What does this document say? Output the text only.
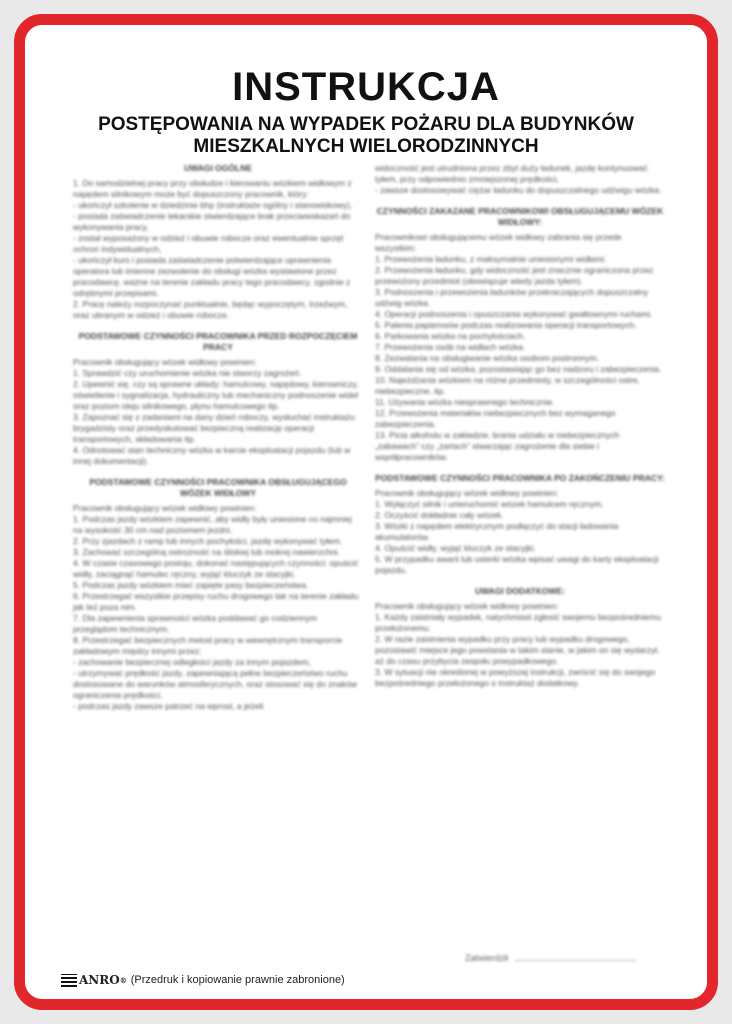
INSTRUKCJA
POSTĘPOWANIA NA WYPADEK POŻARU DLA BUDYNKÓW
MIESZKALNYCH WIELORODZINNYCH
UWAGI OGÓLNE
1. Do samodzielnej pracy przy obsłudze i kierowaniu wózkiem widłowym z napędem silnikowym może być dopuszczony pracownik, który:
- ukończył szkolenie w dziedzinie bhp (instruktaże ogólny i stanowiskowy),
- posiada zaświadczenie lekarskie stwierdzające brak przeciwwskazań do wykonywania pracy,
- został wyposażony w odzież i obuwie robocze oraz ewentualnie sprzęt ochron indywidualnych,
- ukończył kurs i posiada zaświadczenie potwierdzające uprawnienia operatora lub imienne zezwolenie do obsługi wózka wystawione przez pracodawcę, ważne na terenie zakładu pracy tego pracodawcy, zgodnie z odrębnymi przepisami.
2. Pracę należy rozpoczynać punktualnie, będąc wypoczętym, trzeźwym, oraz ubranym w odzież i obuwie robocze.
PODSTAWOWE CZYNNOŚCI PRACOWNIKA PRZED ROZPOCZĘCIEM PRACY
Pracownik obsługujący wózek widłowy powinien:
1. Sprawdzić czy uruchomienie wózka nie stworzy zagrożeń.
2. Upewnić się, czy są sprawne układy: hamulcowy, napędowy, kierowniczy, oświetlenie i sygnalizacja, hydrauliczny lub mechaniczny podnoszenie wideł oraz poziom oleju silnikowego, płynu hamulcowego itp.
3. Zapoznać się z zadaniami na dany dzień roboczy, wysłuchać instruktażu brygadzisty oraz przedyskutować bezpieczną realizację operacji transportowych, składowania itp.
4. Odnotować stan techniczny wózka w karcie eksploatacji pojazdu (lub w innej dokumentacji).
PODSTAWOWE CZYNNOŚCI PRACOWNIKA OBSŁUGUJĄCEGO WÓZEK WIDŁOWY
Pracownik obsługujący wózek widłowy powinien:
1. Podczas jazdy wózkiem zapewnić, aby widły były uniesione co najmniej na wysokość 30 cm nad poziomem jezdni.
2. Przy zjazdach z ramp lub innych pochyłości, jazdę wykonywać tyłem.
3. Zachować szczególną ostrożność na śliskiej lub mokrej nawierzchni.
4. W czasie czasowego postoju, dokonać następujących czynności: opuścić widły, zaciągnąć hamulec ręczny, wyjąć kluczyk ze stacyjki.
5. Podczas jazdy wózkiem mieć zapięte pasy bezpieczeństwa.
6. Przestrzegać wszystkie przepisy ruchu drogowego tak na terenie zakładu jak też poza nim.
7. Dla zapewnienia sprawności wózka poddawać go codziennym przeglądom technicznym.
8. Przestrzegać bezpiecznych metod pracy w wewnętrznym transporcie zakładowym między innymi przez:
- zachowanie bezpiecznej odległości jazdy za innym pojazdem,
- utrzymywać prędkość jazdy, zapewniającą pełne bezpieczeństwo ruchu dostosowane do warunków atmosferycznych, oraz stosować się do znaków ograniczenia prędkości,
- podczas jazdy zawsze patrzeć na wprost, a jeżeli
widoczność jest utrudniona przez zbyt duży ładunek, jazdę kontynuować tyłem, przy odpowiednio zmniejszonej prędkości,
- zawsze dostosowywać ciężar ładunku do dopuszczalnego udźwigu wózka.
CZYNNOŚCI ZAKAZANE PRACOWNIKOWI OBSŁUGUJĄCEMU WÓZEK WIDŁOWY:
Pracownikowi obsługującemu wózek widłowy zabrania się przede wszystkim:
1. Przewożenia ładunku, z maksymalnie uniesionymi widłami.
2. Przewożenia ładunku, gdy widoczność jest znacznie ograniczona przez przewożony przedmiot (obowiązuje wtedy jazda tyłem).
3. Podnoszenia i przewożenia ładunków przekraczających dopuszczalny udźwig wózka.
4. Operacji podnoszenia i opuszczania wykonywać gwałtownymi ruchami.
5. Palenia papierosów podczas realizowania operacji transportowych.
6. Parkowania wózka na pochyłościach.
7. Przewożenia osób na widłach wózka.
8. Zezwalania na obsługiwanie wózka osobom postronnym.
9. Oddalania się od wózka, pozostawiając go bez nadzoru i zabezpieczenia.
10. Najeżdżania wózkiem na różne przedmioty, w szczególności ostre, niebezpieczne, itp.
11. Używania wózka niesprawnego technicznie.
12. Przewożenia materiałów niebezpiecznych bez wymaganego zabezpieczenia.
13. Picia alkoholu w zakładzie, brania udziału w niebezpiecznych „zabawach” czy „żartach” stwarzając zagrożenie dla siebie i współpracowników.
PODSTAWOWE CZYNNOŚCI PRACOWNIKA PO ZAKOŃCZENIU PRACY:
Pracownik obsługujący wózek widłowy powinien:
1. Wyłączyć silnik i unieruchomić wózek hamulcem ręcznym.
2. Oczyścić dokładnie cały wózek.
3. Wózki z napędem elektrycznym podłączyć do stacji ładowania akumulatorów.
4. Opuścić widły, wyjąć kluczyk ze stacyjki.
5. W przypadku awarii lub usterki wózka wpisać uwagi do karty eksploatacji pojazdu.
UWAGI DODATKOWE:
Pracownik obsługujący wózek widłowy powinien:
1. Każdy zaistniały wypadek, natychmiast zgłosić swojemu bezpośredniemu przełożonemu.
2. W razie zaistnienia wypadku przy pracy lub wypadku drogowego, pozostawić miejsce jego powstania w takim stanie, w jakim on się wydarzył, aż do czasu przybycia zespołu powypadkowego.
3. W sytuacji nie określonej w powyższej instrukcji, zwrócić się do swojego bezpośredniego przełożonego o instruktaż dodatkowy.
Zatwierdził
ANRO ® (Przedruk i kopiowanie prawnie zabronione)
